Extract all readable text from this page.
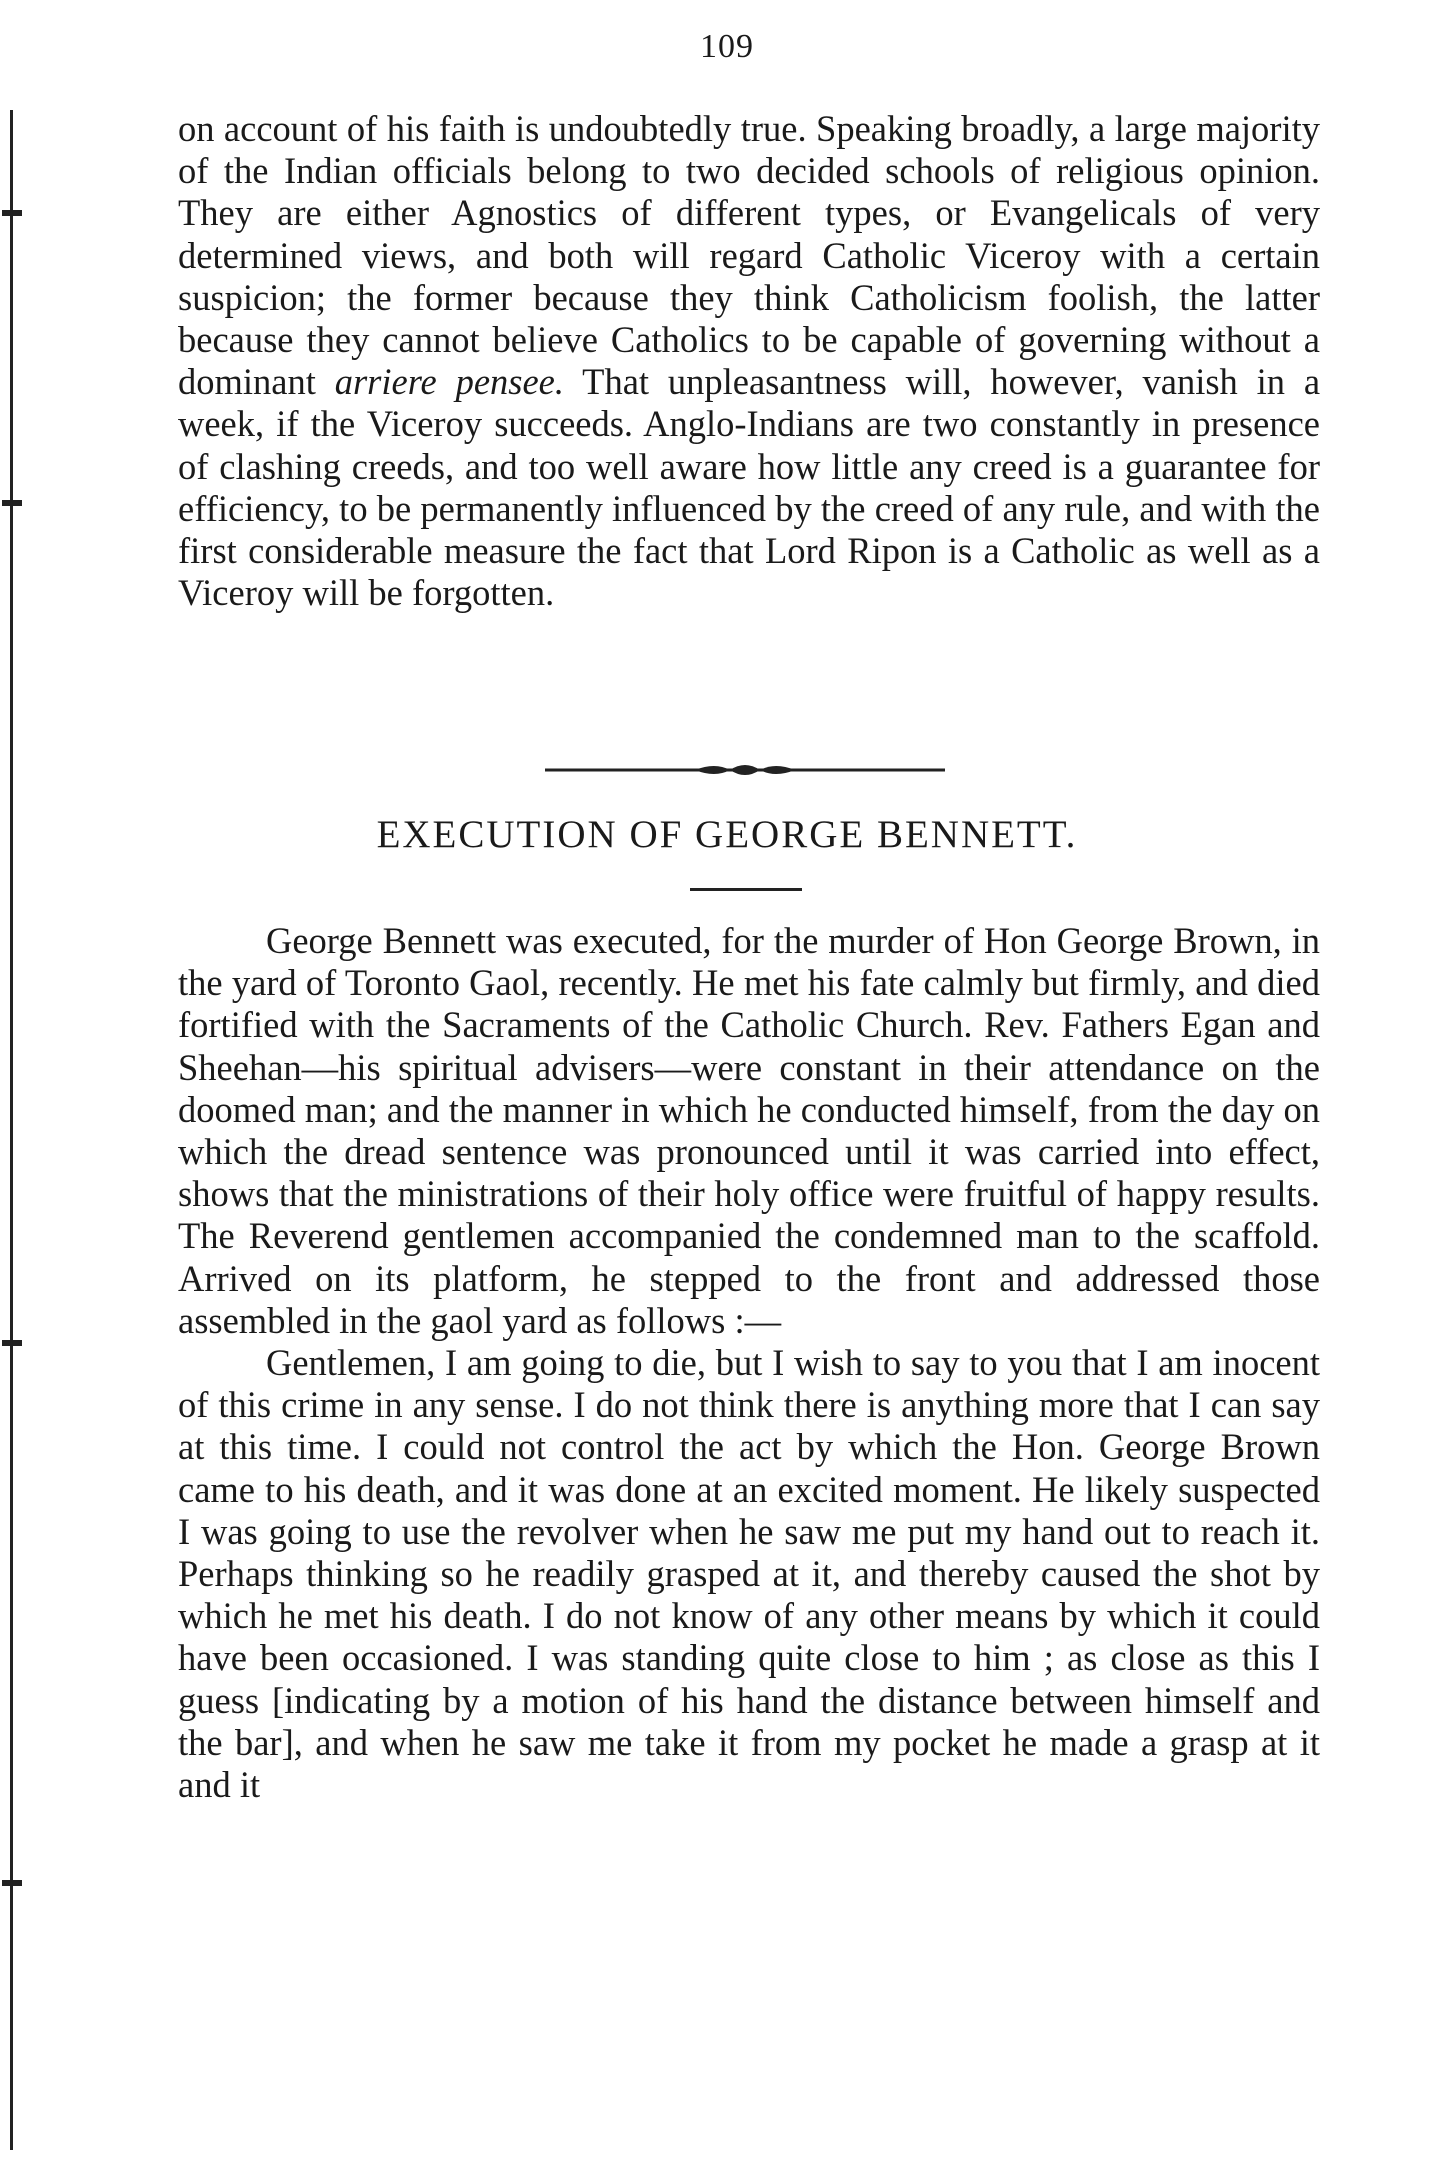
109

on account of his faith is undoubtedly true. Speaking broadly, a large majority of the Indian officials belong to two decided schools of religious opinion. They are either Agnostics of different types, or Evangelicals of very determined views, and both will regard Catholic Viceroy with a certain suspicion; the former because they think Catholicism foolish, the latter because they cannot believe Catholics to be capable of governing without a dominant arriere pensee. That unpleasantness will, however, vanish in a week, if the Viceroy succeeds. Anglo-Indians are two constantly in presence of clashing creeds, and too well aware how little any creed is a guarantee for efficiency, to be permanently influenced by the creed of any rule, and with the first considerable measure the fact that Lord Ripon is a Catholic as well as a Viceroy will be forgotten.

EXECUTION OF GEORGE BENNETT.

George Bennett was executed, for the murder of Hon George Brown, in the yard of Toronto Gaol, recently. He met his fate calmly but firmly, and died fortified with the Sacraments of the Catholic Church. Rev. Fathers Egan and Sheehan—his spiritual advisers—were constant in their attendance on the doomed man; and the manner in which he conducted himself, from the day on which the dread sentence was pronounced until it was carried into effect, shows that the ministrations of their holy office were fruitful of happy results. The Reverend gentlemen accompanied the condemned man to the scaffold. Arrived on its platform, he stepped to the front and addressed those assembled in the gaol yard as follows :—

Gentlemen, I am going to die, but I wish to say to you that I am inocent of this crime in any sense. I do not think there is anything more that I can say at this time. I could not control the act by which the Hon. George Brown came to his death, and it was done at an excited moment. He likely suspected I was going to use the revolver when he saw me put my hand out to reach it. Perhaps thinking so he readily grasped at it, and thereby caused the shot by which he met his death. I do not know of any other means by which it could have been occasioned. I was standing quite close to him ; as close as this I guess [indicating by a motion of his hand the distance between himself and the bar], and when he saw me take it from my pocket he made a grasp at it and it
